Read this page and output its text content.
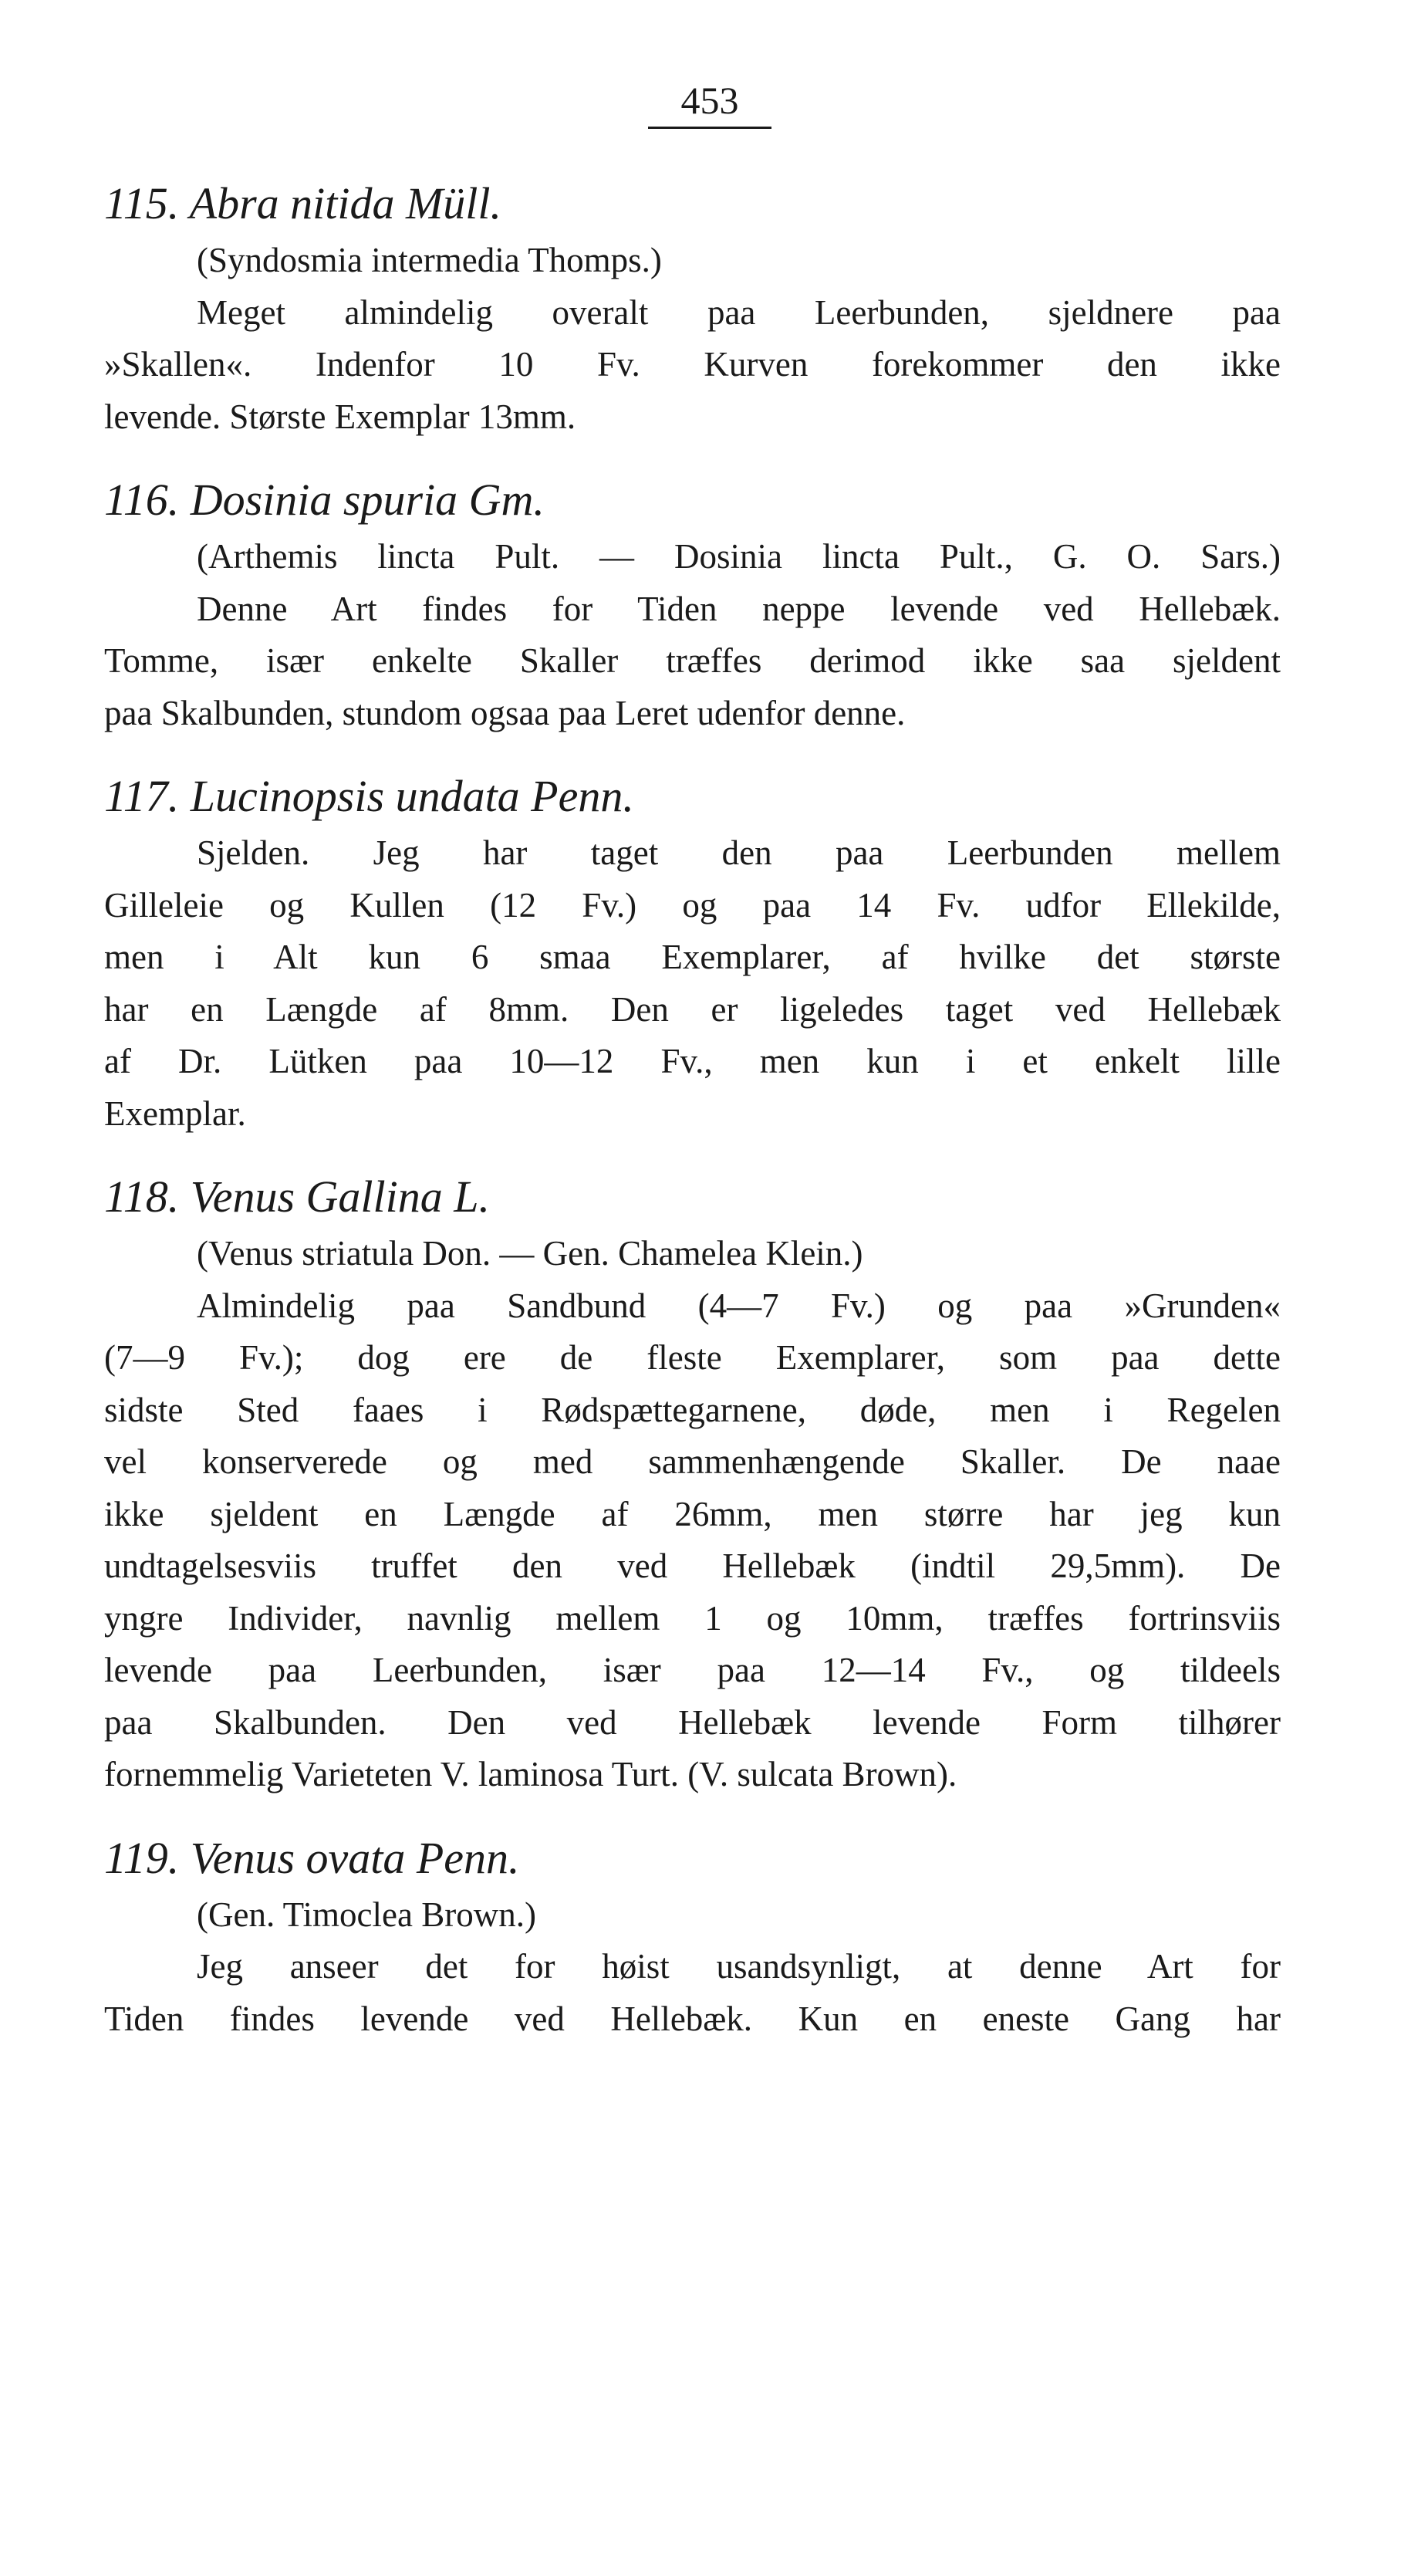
453

115. Abra nitida Müll.

(Syndosmia intermedia Thomps.)

Meget almindelig overalt paa Leerbunden, sjeldnere paa

»Skallen«. Indenfor 10 Fv. Kurven forekommer den ikke

levende. Største Exemplar 13mm.

116. Dosinia spuria Gm.

(Arthemis lincta Pult. — Dosinia lincta Pult., G. O. Sars.)

Denne Art findes for Tiden neppe levende ved Hellebæk.

Tomme, især enkelte Skaller træffes derimod ikke saa sjeldent

paa Skalbunden, stundom ogsaa paa Leret udenfor denne.

117. Lucinopsis undata Penn.

Sjelden. Jeg har taget den paa Leerbunden mellem

Gilleleie og Kullen (12 Fv.) og paa 14 Fv. udfor Ellekilde,

men i Alt kun 6 smaa Exemplarer, af hvilke det største

har en Længde af 8mm. Den er ligeledes taget ved Hellebæk

af Dr. Lütken paa 10—12 Fv., men kun i et enkelt lille

Exemplar.

118. Venus Gallina L.

(Venus striatula Don. — Gen. Chamelea Klein.)

Almindelig paa Sandbund (4—7 Fv.) og paa »Grunden«

(7—9 Fv.); dog ere de fleste Exemplarer, som paa dette

sidste Sted faaes i Rødspættegarnene, døde, men i Regelen

vel konserverede og med sammenhængende Skaller. De naae

ikke sjeldent en Længde af 26mm, men større har jeg kun

undtagelsesviis truffet den ved Hellebæk (indtil 29,5mm). De

yngre Individer, navnlig mellem 1 og 10mm, træffes fortrinsviis

levende paa Leerbunden, især paa 12—14 Fv., og tildeels

paa Skalbunden. Den ved Hellebæk levende Form tilhører

fornemmelig Varieteten V. laminosa Turt. (V. sulcata Brown).

119. Venus ovata Penn.

(Gen. Timoclea Brown.)

Jeg anseer det for høist usandsynligt, at denne Art for

Tiden findes levende ved Hellebæk. Kun en eneste Gang har
